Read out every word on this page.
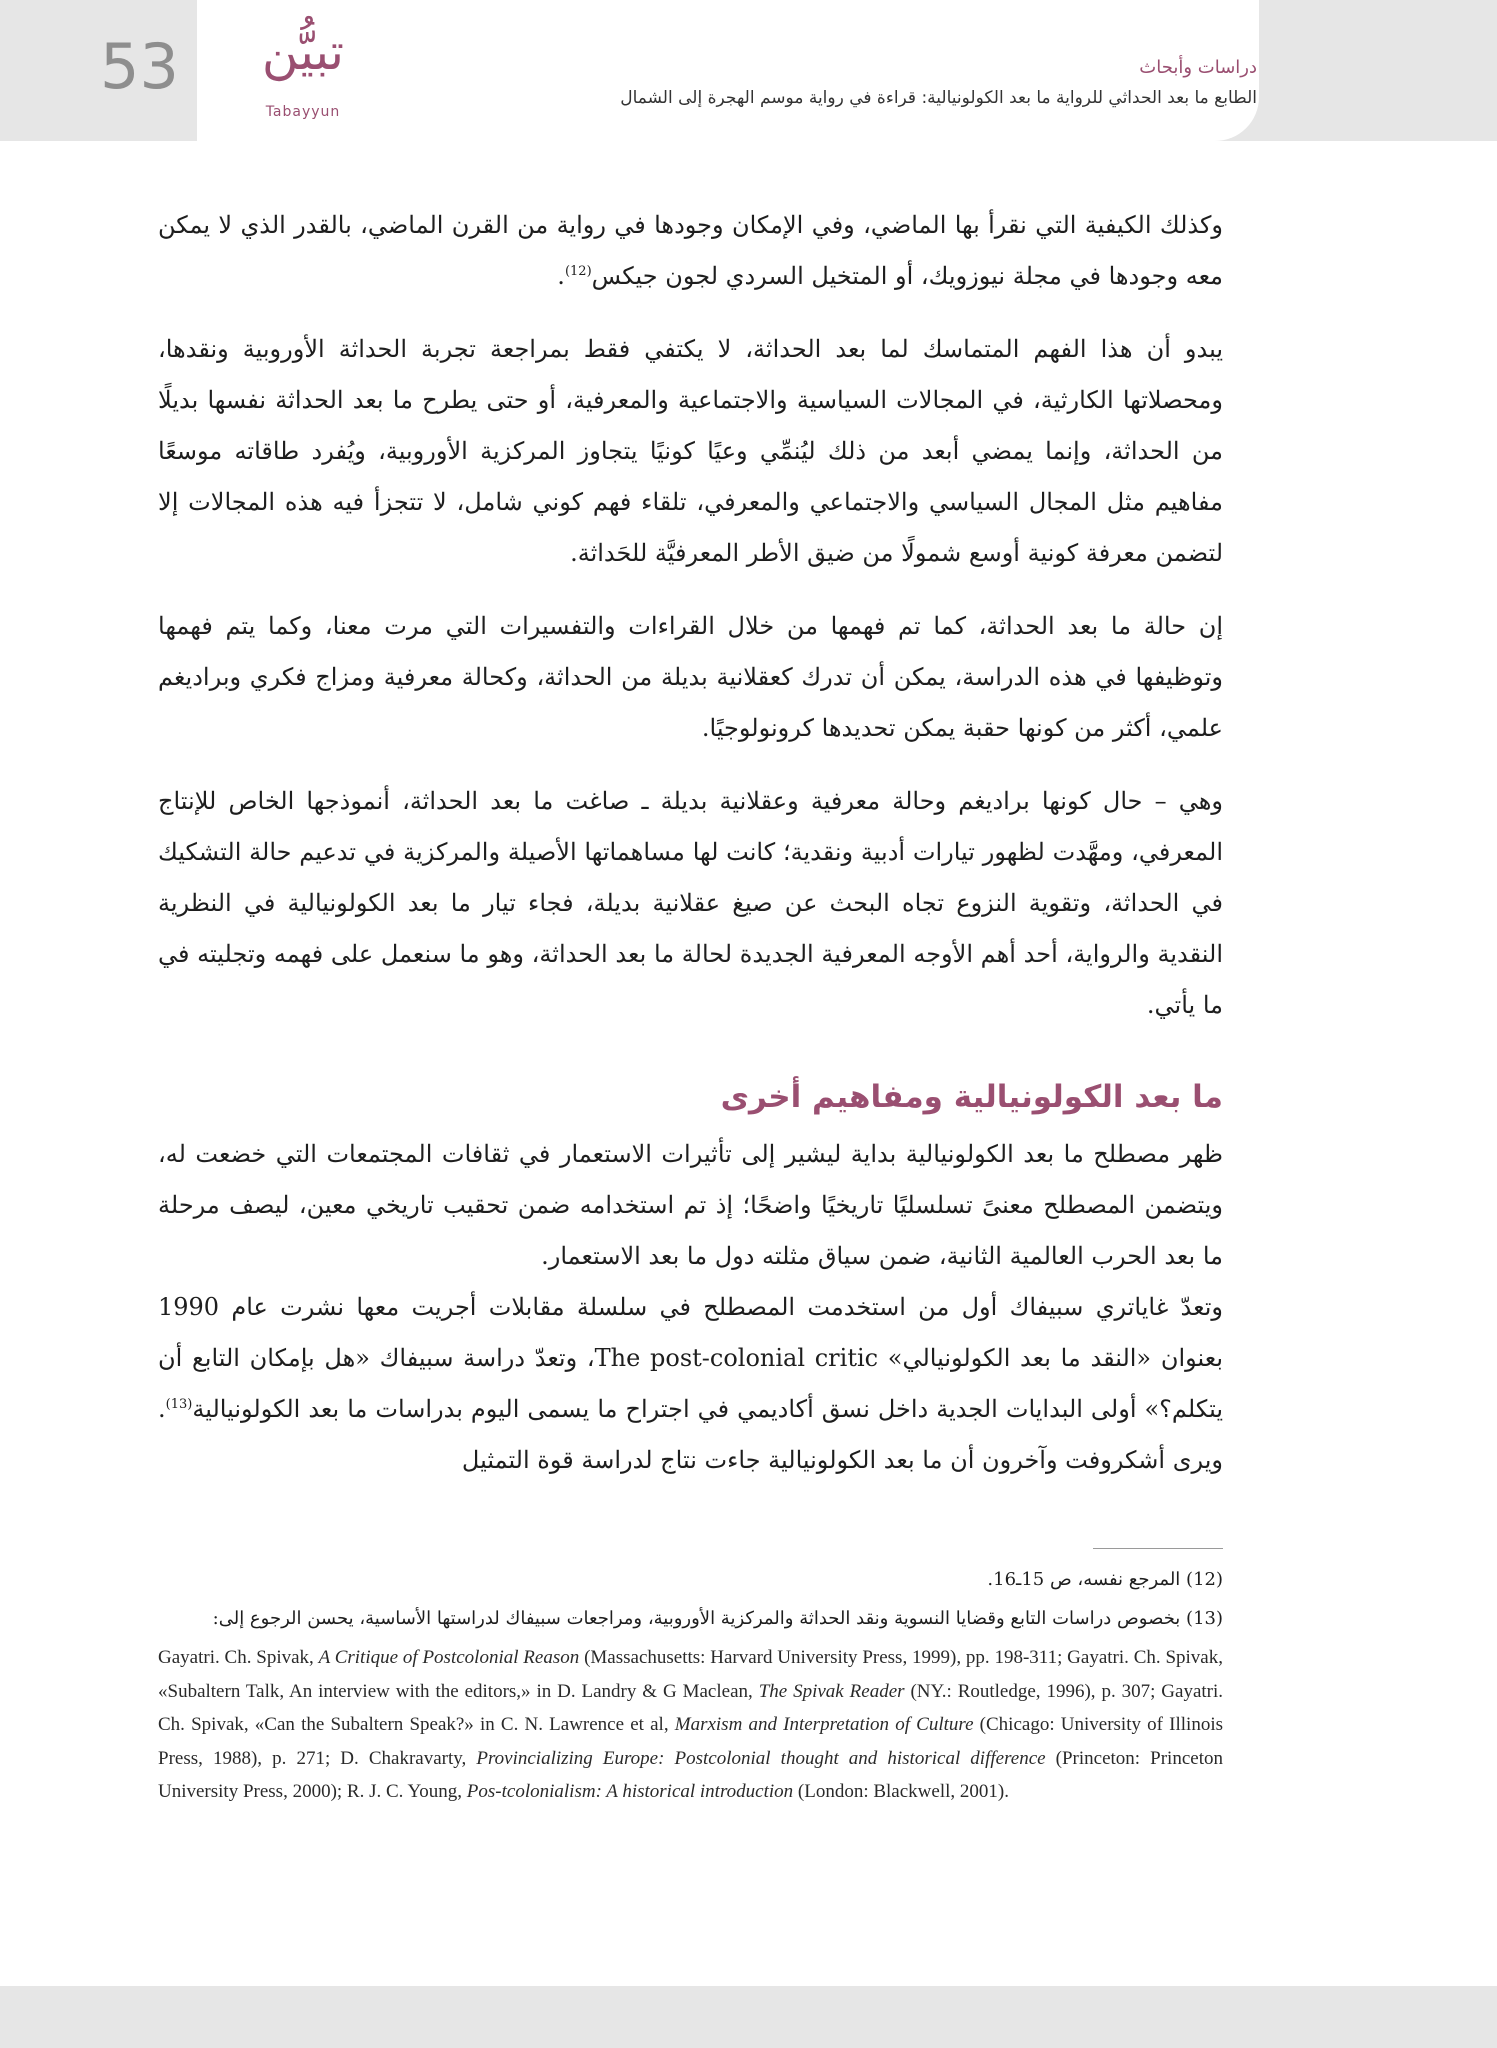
53	تبيُّن
Tabayyun
دراسات وأبحاث
الطابع ما بعد الحداثي للرواية ما بعد الكولونيالية: قراءة في رواية موسم الهجرة إلى الشمال

وكذلك الكيفية التي نقرأ بها الماضي، وفي الإمكان وجودها في رواية من القرن الماضي، بالقدر الذي لا يمكن معه وجودها في مجلة نيوزويك، أو المتخيل السردي لجون جيكس$^{(12)}$.

يبدو أن هذا الفهم المتماسك لما بعد الحداثة، لا يكتفي فقط بمراجعة تجربة الحداثة الأوروبية ونقدها، ومحصلاتها الكارثية، في المجالات السياسية والاجتماعية والمعرفية، أو حتى يطرح ما بعد الحداثة نفسها بديلًا من الحداثة، وإنما يمضي أبعد من ذلك ليُنمِّي وعيًا كونيًا يتجاوز المركزية الأوروبية، ويُفرد طاقاته موسعًا مفاهيم مثل المجال السياسي والاجتماعي والمعرفي، تلقاء فهم كوني شامل، لا تتجزأ فيه هذه المجالات إلا لتضمن معرفة كونية أوسع شمولًا من ضيق الأطر المعرفيَّة للحَداثة.

إن حالة ما بعد الحداثة، كما تم فهمها من خلال القراءات والتفسيرات التي مرت معنا، وكما يتم فهمها وتوظيفها في هذه الدراسة، يمكن أن تدرك كعقلانية بديلة من الحداثة، وكحالة معرفية ومزاج فكري وبراديغم علمي، أكثر من كونها حقبة يمكن تحديدها كرونولوجيًا.

وهي – حال كونها براديغم وحالة معرفية وعقلانية بديلة ـ صاغت ما بعد الحداثة، أنموذجها الخاص للإنتاج المعرفي، ومهَّدت لظهور تيارات أدبية ونقدية؛ كانت لها مساهماتها الأصيلة والمركزية في تدعيم حالة التشكيك في الحداثة، وتقوية النزوع تجاه البحث عن صيغ عقلانية بديلة، فجاء تيار ما بعد الكولونيالية في النظرية النقدية والرواية، أحد أهم الأوجه المعرفية الجديدة لحالة ما بعد الحداثة، وهو ما سنعمل على فهمه وتجليته في ما يأتي.

ما بعد الكولونيالية ومفاهيم أخرى

ظهر مصطلح ما بعد الكولونيالية بداية ليشير إلى تأثيرات الاستعمار في ثقافات المجتمعات التي خضعت له، ويتضمن المصطلح معنىً تسلسليًا تاريخيًا واضحًا؛ إذ تم استخدامه ضمن تحقيب تاريخي معين، ليصف مرحلة ما بعد الحرب العالمية الثانية، ضمن سياق مثلته دول ما بعد الاستعمار.

وتعدّ غاياتري سبيفاك أول من استخدمت المصطلح في سلسلة مقابلات أجريت معها نشرت عام 1990 بعنوان «النقد ما بعد الكولونيالي» The post-colonial critic، وتعدّ دراسة سبيفاك «هل بإمكان التابع أن يتكلم؟» أولى البدايات الجدية داخل نسق أكاديمي في اجتراح ما يسمى اليوم بدراسات ما بعد الكولونيالية$^{(13)}$. ويرى أشكروفت وآخرون أن ما بعد الكولونيالية جاءت نتاج لدراسة قوة التمثيل

(12) المرجع نفسه، ص 15ـ16.

(13) بخصوص دراسات التابع وقضايا النسوية ونقد الحداثة والمركزية الأوروبية، ومراجعات سبيفاك لدراستها الأساسية، يحسن الرجوع إلى:

Gayatri. Ch. Spivak, A Critique of Postcolonial Reason (Massachusetts: Harvard University Press, 1999), pp. 198-311; Gayatri. Ch. Spivak, «Subaltern Talk, An interview with the editors,» in D. Landry & G Maclean, The Spivak Reader (NY.: Routledge, 1996), p. 307; Gayatri. Ch. Spivak, «Can the Subaltern Speak?» in C. N. Lawrence et al, Marxism and Interpretation of Culture (Chicago: University of Illinois Press, 1988), p. 271; D. Chakravarty, Provincializing Europe: Postcolonial thought and historical difference (Princeton: Princeton University Press, 2000); R. J. C. Young, Pos-tcolonialism: A historical introduction (London: Blackwell, 2001).
